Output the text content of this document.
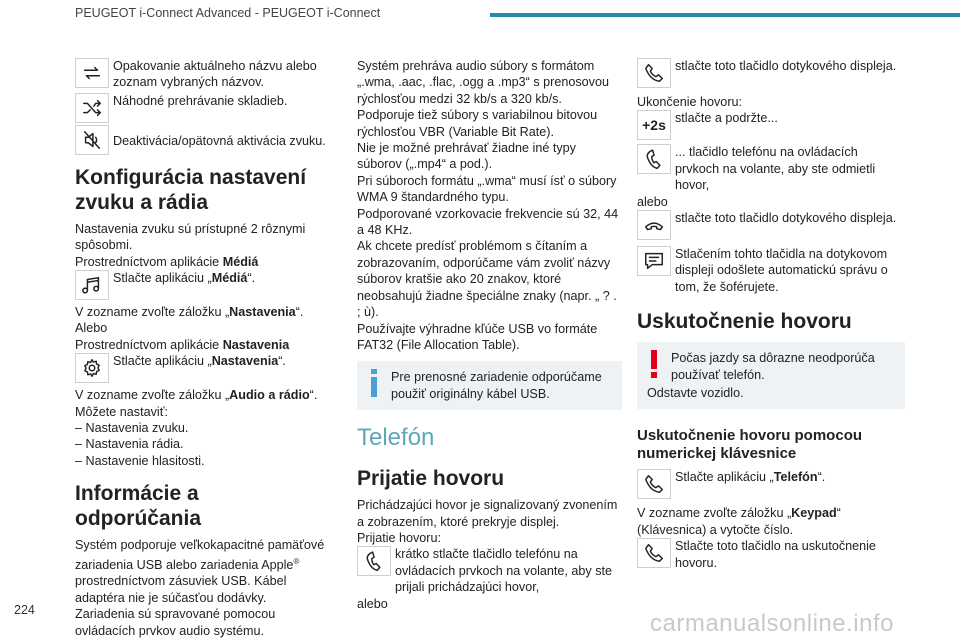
PEUGEOT i-Connect Advanced - PEUGEOT i-Connect

Opakovanie aktuálneho názvu alebo zoznam vybraných názvov.

Náhodné prehrávanie skladieb.

Deaktivácia/opätovná aktivácia zvuku.

Konfigurácia nastavení zvuku a rádia

Nastavenia zvuku sú prístupné 2 rôznymi spôsobmi.

Prostredníctvom aplikácie Médiá

Stlačte aplikáciu „Médiá“.

V zozname zvoľte záložku „Nastavenia“.

Alebo

Prostredníctvom aplikácie Nastavenia

Stlačte aplikáciu „Nastavenia“.

V zozname zvoľte záložku „Audio a rádio“.

Môžete nastaviť:

– Nastavenia zvuku.

– Nastavenia rádia.

– Nastavenie hlasitosti.

Informácie a odporúčania

Systém podporuje veľkokapacitné pamäťové zariadenia USB alebo zariadenia Apple® prostredníctvom zásuviek USB. Kábel adaptéra nie je súčasťou dodávky.

Zariadenia sú spravované pomocou ovládacích prvkov audio systému.

Systém prehráva audio súbory s formátom „.wma, .aac, .flac, .ogg a .mp3“ s prenosovou rýchlosťou medzi 32 kb/s a 320 kb/s.

Podporuje tiež súbory s variabilnou bitovou rýchlosťou VBR (Variable Bit Rate).

Nie je možné prehrávať žiadne iné typy súborov („.mp4“ a pod.).

Pri súboroch formátu „.wma“ musí ísť o súbory WMA 9 štandardného typu.

Podporované vzorkovacie frekvencie sú 32, 44 a 48 KHz.

Ak chcete predísť problémom s čítaním a zobrazovaním, odporúčame vám zvoliť názvy súborov kratšie ako 20 znakov, ktoré neobsahujú žiadne špeciálne znaky (napr. „ ? . ; ù).

Používajte výhradne kľúče USB vo formáte FAT32 (File Allocation Table).

Pre prenosné zariadenie odporúčame použiť originálny kábel USB.

Telefón
Prijatie hovoru

Prichádzajúci hovor je signalizovaný zvonením a zobrazením, ktoré prekryje displej.

Prijatie hovoru:

krátko stlačte tlačidlo telefónu na ovládacích prvkoch na volante, aby ste prijali prichádzajúci hovor,

alebo

stlačte toto tlačidlo dotykového displeja.

Ukončenie hovoru:

+2s stlačte a podržte...

... tlačidlo telefónu na ovládacích prvkoch na volante, aby ste odmietli hovor,

alebo

stlačte toto tlačidlo dotykového displeja.

Stlačením tohto tlačidla na dotykovom displeji odošlete automatickú správu o tom, že šoférujete.

Uskutočnenie hovoru

Počas jazdy sa dôrazne neodporúča používať telefón.

Odstavte vozidlo.

Uskutočnenie hovoru pomocou numerickej klávesnice

Stlačte aplikáciu „Telefón“.

V zozname zvoľte záložku „Keypad“ (Klávesnica) a vytočte číslo.

Stlačte toto tlačidlo na uskutočnenie hovoru.

224	carmanualsonline.info
